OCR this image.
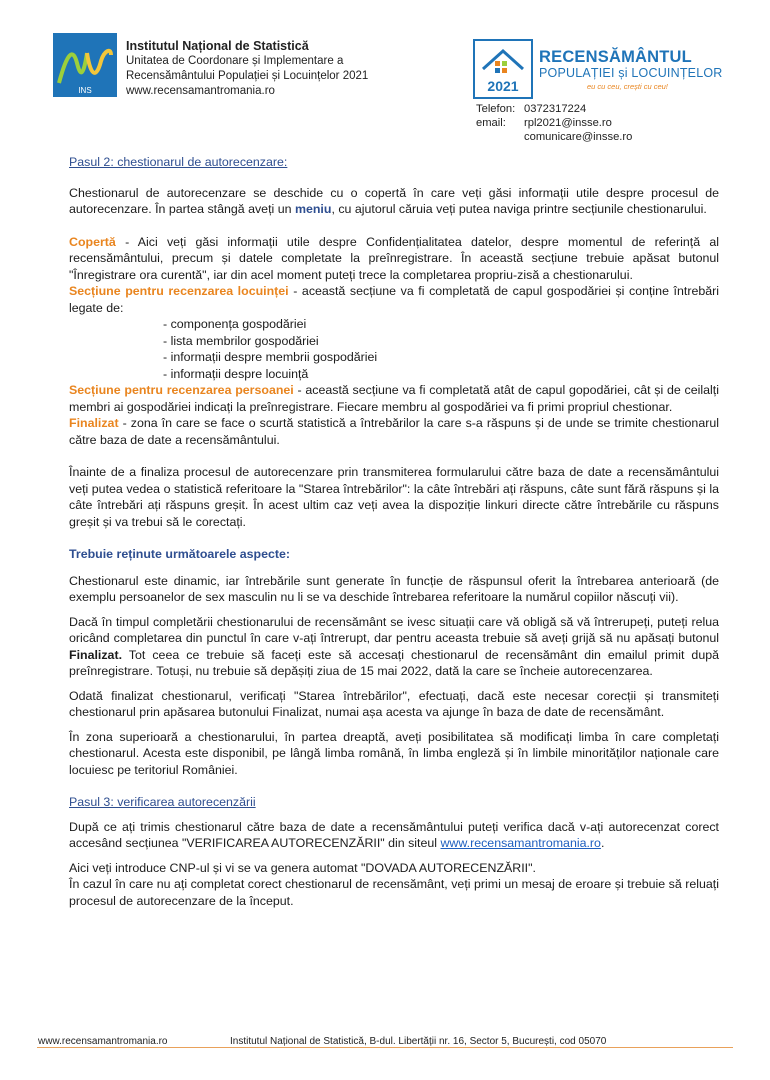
INS
Institutul Național de Statistică
Unitatea de Coordonare și Implementare a
Recensământului Populației și Locuințelor 2021
www.recensamantromania.ro	2021
RECENSĂMÂNTUL
POPULAȚIEI și LOCUINȚELOR
eu cu ceu, crești cu ceu!
Telefon: 0372317224
email:	rpl2021@insse.ro
comunicare@insse.ro

Pasul 2: chestionarul de autorecenzare:

Chestionarul de autorecenzare se deschide cu o copertă în care veți găsi informații utile despre procesul de autorecenzare. În partea stângă aveți un meniu, cu ajutorul căruia veți putea naviga printre secțiunile chestionarului.

Copertă - Aici veți găsi informații utile despre Confidențialitatea datelor, despre momentul de referință al recensământului, precum și datele completate la preînregistrare. În această secțiune trebuie apăsat butonul "Înregistrare ora curentă", iar din acel moment puteți trece la completarea propriu-zisă a chestionarului.

Secțiune pentru recenzarea locuinței - această secțiune va fi completată de capul gospodăriei și conține întrebări legate de:

- componența gospodăriei
- lista membrilor gospodăriei
- informații despre membrii gospodăriei
- informații despre locuință

Secțiune pentru recenzarea persoanei - această secțiune va fi completată atât de capul gopodăriei, cât și de ceilalți membri ai gospodăriei indicați la preînregistrare. Fiecare membru al gospodăriei va fi primi propriul chestionar.

Finalizat - zona în care se face o scurtă statistică a întrebărilor la care s-a răspuns și de unde se trimite chestionarul către baza de date a recensământului.

Înainte de a finaliza procesul de autorecenzare prin transmiterea formularului către baza de date a recensământului veți putea vedea o statistică referitoare la "Starea întrebărilor": la câte întrebări ați răspuns, câte sunt fără răspuns și la câte întrebări ați răspuns greșit. În acest ultim caz veți avea la dispoziție linkuri directe către întrebările cu răspuns greșit și va trebui să le corectați.

Trebuie reținute următoarele aspecte:

Chestionarul este dinamic, iar întrebările sunt generate în funcție de răspunsul oferit la întrebarea anterioară (de exemplu persoanelor de sex masculin nu li se va deschide întrebarea referitoare la numărul copiilor născuți vii).

Dacă în timpul completării chestionarului de recensământ se ivesc situații care vă obligă să vă întrerupeți, puteți relua oricând completarea din punctul în care v-ați întrerupt, dar pentru aceasta trebuie să aveți grijă să nu apăsați butonul Finalizat. Tot ceea ce trebuie să faceți este să accesați chestionarul de recensământ din emailul primit după preînregistrare. Totuși, nu trebuie să depășiți ziua de 15 mai 2022, dată la care se încheie autorecenzarea.

Odată finalizat chestionarul, verificați "Starea întrebărilor", efectuați, dacă este necesar corecții și transmiteți chestionarul prin apăsarea butonului Finalizat, numai așa acesta va ajunge în baza de date de recensământ.

În zona superioară a chestionarului, în partea dreaptă, aveți posibilitatea să modificați limba în care completați chestionarul. Acesta este disponibil, pe lângă limba română, în limba engleză și în limbile minorităților naționale care locuiesc pe teritoriul României.

Pasul 3: verificarea autorecenzării

După ce ați trimis chestionarul către baza de date a recensământului puteți verifica dacă v-ați autorecenzat corect accesând secțiunea "VERIFICAREA AUTORECENZĂRII" din siteul www.recensamantromania.ro.

Aici veți introduce CNP-ul și vi se va genera automat "DOVADA AUTORECENZĂRII".

În cazul în care nu ați completat corect chestionarul de recensământ, veți primi un mesaj de eroare și trebuie să reluați procesul de autorecenzare de la început.

www.recensamantromania.ro	Institutul Național de Statistică, B-dul. Libertății nr. 16, Sector 5, București, cod 05070
